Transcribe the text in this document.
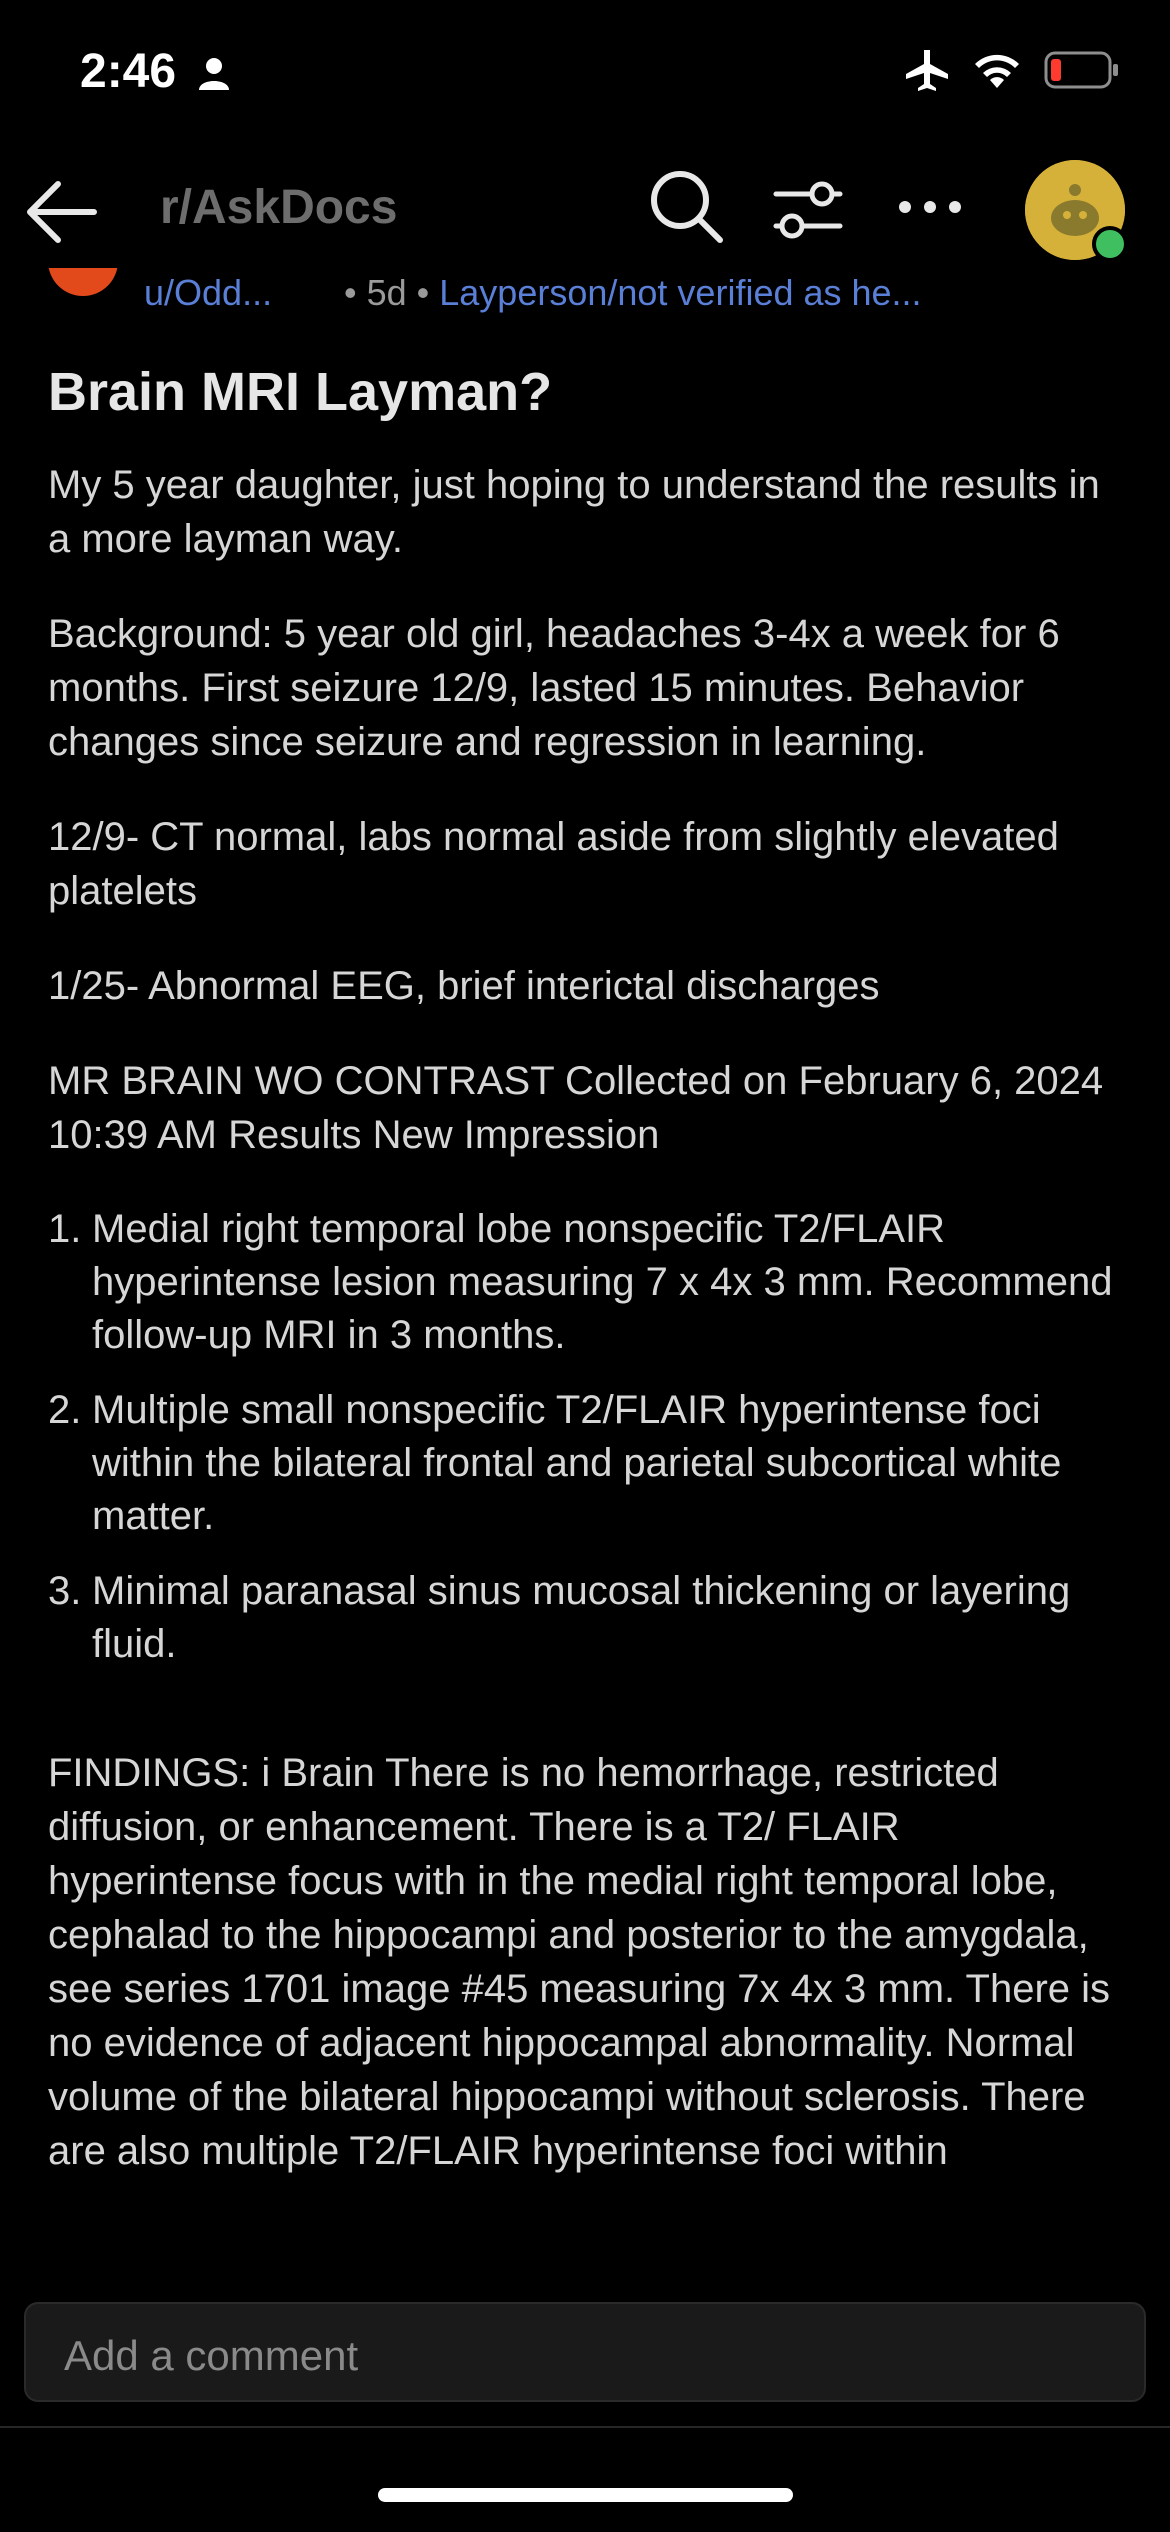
2:46
r/AskDocs
u/Odd... • 5d • Layperson/not verified as he...
Brain MRI Layman?

My 5 year daughter, just hoping to understand the results in a more layman way.

Background: 5 year old girl, headaches 3-4x a week for 6 months. First seizure 12/9, lasted 15 minutes. Behavior changes since seizure and regression in learning.

12/9- CT normal, labs normal aside from slightly elevated platelets

1/25- Abnormal EEG, brief interictal discharges

MR BRAIN WO CONTRAST Collected on February 6, 2024 10:39 AM Results New Impression

1. Medial right temporal lobe nonspecific T2/FLAIR hyperintense lesion measuring 7 x 4x 3 mm. Recommend follow-up MRI in 3 months.
2. Multiple small nonspecific T2/FLAIR hyperintense foci within the bilateral frontal and parietal subcortical white matter.
3. Minimal paranasal sinus mucosal thickening or layering fluid.

FINDINGS: i Brain There is no hemorrhage, restricted diffusion, or enhancement. There is a T2/ FLAIR hyperintense focus with in the medial right temporal lobe, cephalad to the hippocampi and posterior to the amygdala, see series 1701 image #45 measuring 7x 4x 3 mm. There is no evidence of adjacent hippocampal abnormality. Normal volume of the bilateral hippocampi without sclerosis. There are also multiple T2/FLAIR hyperintense foci within

Add a comment
